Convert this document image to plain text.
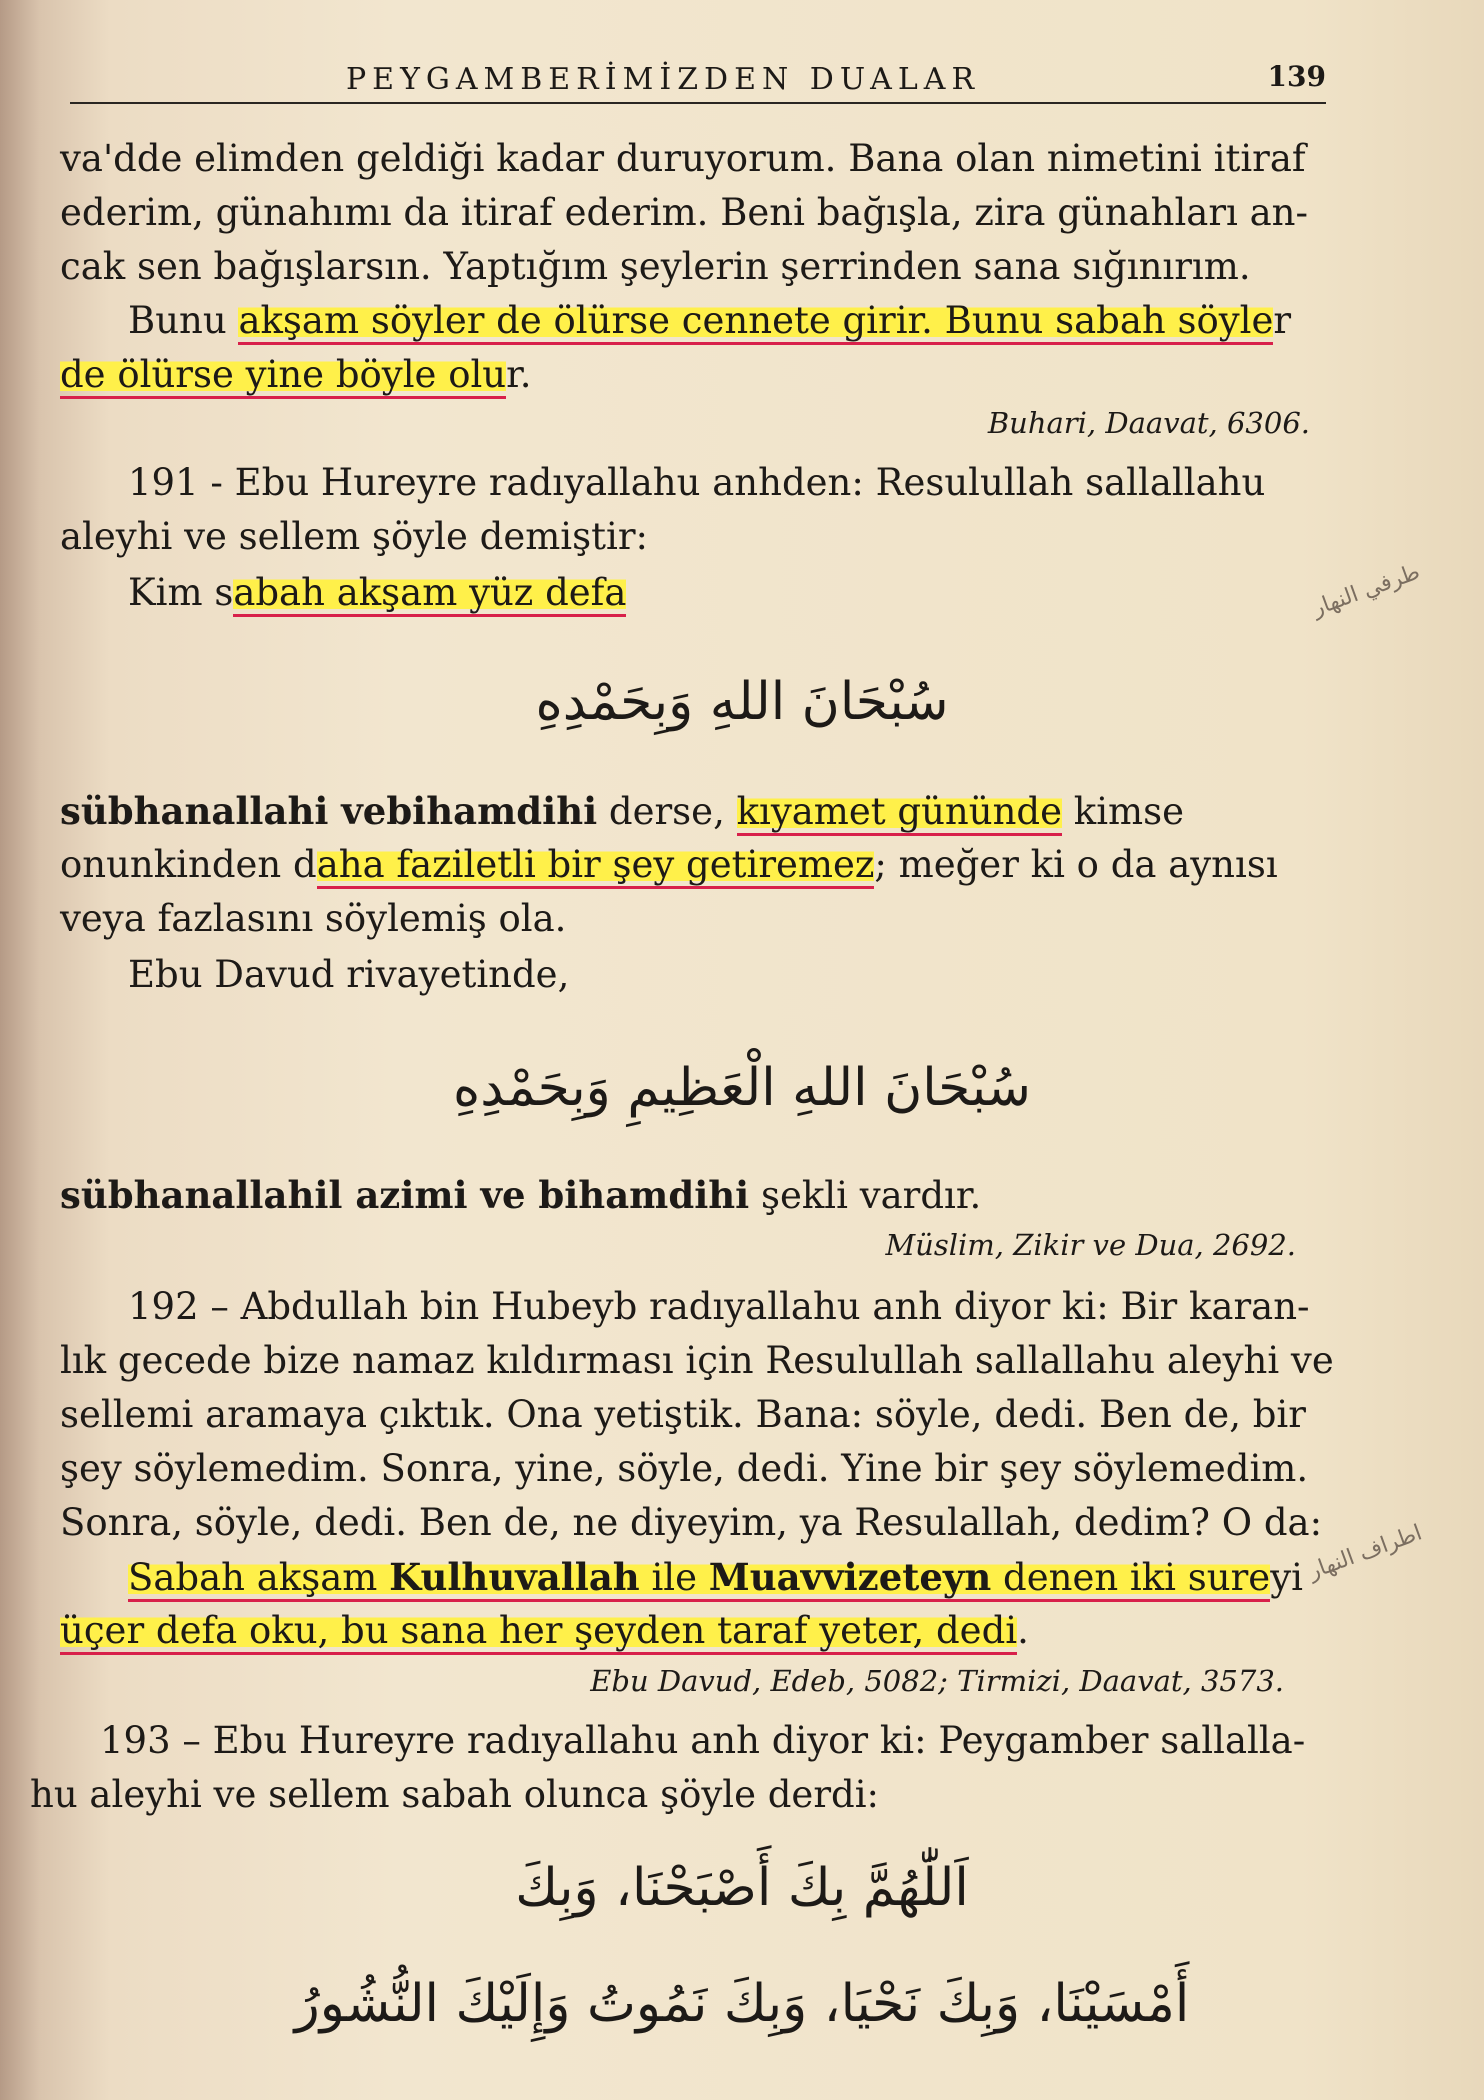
PEYGAMBERİMİZDEN DUALAR	139
va'dde elimden geldiği kadar duruyorum. Bana olan nimetini itiraf
ederim, günahımı da itiraf ederim. Beni bağışla, zira günahları an-
cak sen bağışlarsın. Yaptığım şeylerin şerrinden sana sığınırım.
Bunu akşam söyler de ölürse cennete girir. Bunu sabah söyler
de ölürse yine böyle olur.
Buhari, Daavat, 6306.
191 - Ebu Hureyre radıyallahu anhden: Resulullah sallallahu
aleyhi ve sellem şöyle demiştir:
Kim sabah akşam yüz defa	طرفي النهار
سُبْحَانَ اللهِ وَبِحَمْدِهِ
sübhanallahi vebihamdihi derse, kıyamet gününde kimse
onunkinden daha faziletli bir şey getiremez; meğer ki o da aynısı
veya fazlasını söylemiş ola.
Ebu Davud rivayetinde,
سُبْحَانَ اللهِ الْعَظِيمِ وَبِحَمْدِهِ
sübhanallahil azimi ve bihamdihi şekli vardır.
Müslim, Zikir ve Dua, 2692.
192 – Abdullah bin Hubeyb radıyallahu anh diyor ki: Bir karan-
lık gecede bize namaz kıldırması için Resulullah sallallahu aleyhi ve
sellemi aramaya çıktık. Ona yetiştik. Bana: söyle, dedi. Ben de, bir
şey söylemedim. Sonra, yine, söyle, dedi. Yine bir şey söylemedim.
Sonra, söyle, dedi. Ben de, ne diyeyim, ya Resulallah, dedim? O da:
Sabah akşam Kulhuvallah ile Muavvizeteyn denen iki sureyi
üçer defa oku, bu sana her şeyden taraf yeter, dedi.
اطراف النهار
Ebu Davud, Edeb, 5082; Tirmizi, Daavat, 3573.
193 – Ebu Hureyre radıyallahu anh diyor ki: Peygamber sallalla-
hu aleyhi ve sellem sabah olunca şöyle derdi:
اَللّٰهُمَّ بِكَ أَصْبَحْنَا، وَبِكَ
أَمْسَيْنَا، وَبِكَ نَحْيَا، وَبِكَ نَمُوتُ وَإِلَيْكَ النُّشُورُ
